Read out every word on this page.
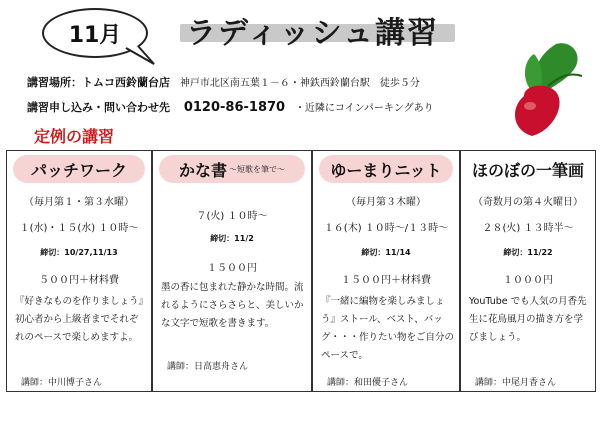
11月 ラディッシュ講習
講習場所：トムコ西鈴蘭台店 神戸市北区南五葉１－６・神鉄西鈴蘭台駅　徒歩５分
講習申し込み・問い合わせ先 0120-86-1870 ・近隣にコインパーキングあり
定例の講習
パッチワーク
（毎月第１・第３水曜）
１(水)・１５(水) １０時～
締切：10/27,11/13
５００円＋材料費
『好きなものを作りましょう』初心者から上級者までそれぞれのペースで楽しめますよ。
講師：中川博子さん
かな書 ～短歌を筆で～
７(火) １０時～
締切：11/2
１５００円
墨の香に包まれた静かな時間。流れるようにさらさらと、美しいかな文字で短歌を書きます。
講師：日高恵舟さん
ゆーまりニット
（毎月第３木曜）
１６(木) １０時～/１３時～
締切：11/14
１５００円＋材料費
『一緒に編物を楽しみましょう』ストール、ベスト、バッグ・・・作りたい物をご自分のペースで。
講師：和田優子さん
ほのぼの一筆画
（奇数月の第４火曜日）
２８(火) １３時半～
締切：11/22
１０００円
YouTube でも人気の月香先生に花鳥風月の描き方を学びましょう。
講師：中尾月香さん
